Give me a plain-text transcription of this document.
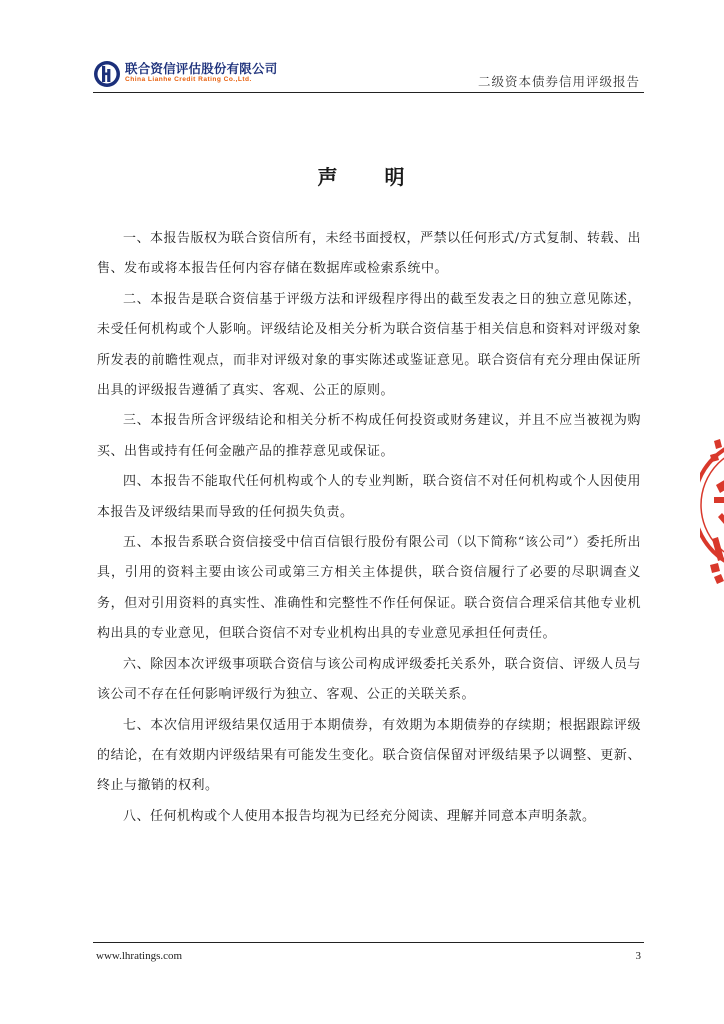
联合资信评估股份有限公司
China Lianhe Credit Rating Co.,Ltd.	二级资本债券信用评级报告
声 明

一、本报告版权为联合资信所有，未经书面授权，严禁以任何形式/方式复制、转载、出售、发布或将本报告任何内容存储在数据库或检索系统中。

二、本报告是联合资信基于评级方法和评级程序得出的截至发表之日的独立意见陈述，未受任何机构或个人影响。评级结论及相关分析为联合资信基于相关信息和资料对评级对象所发表的前瞻性观点，而非对评级对象的事实陈述或鉴证意见。联合资信有充分理由保证所出具的评级报告遵循了真实、客观、公正的原则。

三、本报告所含评级结论和相关分析不构成任何投资或财务建议，并且不应当被视为购买、出售或持有任何金融产品的推荐意见或保证。

四、本报告不能取代任何机构或个人的专业判断，联合资信不对任何机构或个人因使用本报告及评级结果而导致的任何损失负责。

五、本报告系联合资信接受中信百信银行股份有限公司（以下简称“该公司”）委托所出具，引用的资料主要由该公司或第三方相关主体提供，联合资信履行了必要的尽职调查义务，但对引用资料的真实性、准确性和完整性不作任何保证。联合资信合理采信其他专业机构出具的专业意见，但联合资信不对专业机构出具的专业意见承担任何责任。

六、除因本次评级事项联合资信与该公司构成评级委托关系外，联合资信、评级人员与该公司不存在任何影响评级行为独立、客观、公正的关联关系。

七、本次信用评级结果仅适用于本期债券，有效期为本期债券的存续期；根据跟踪评级的结论，在有效期内评级结果有可能发生变化。联合资信保留对评级结果予以调整、更新、终止与撤销的权利。

八、任何机构或个人使用本报告均视为已经充分阅读、理解并同意本声明条款。

www.lhratings.com	3
